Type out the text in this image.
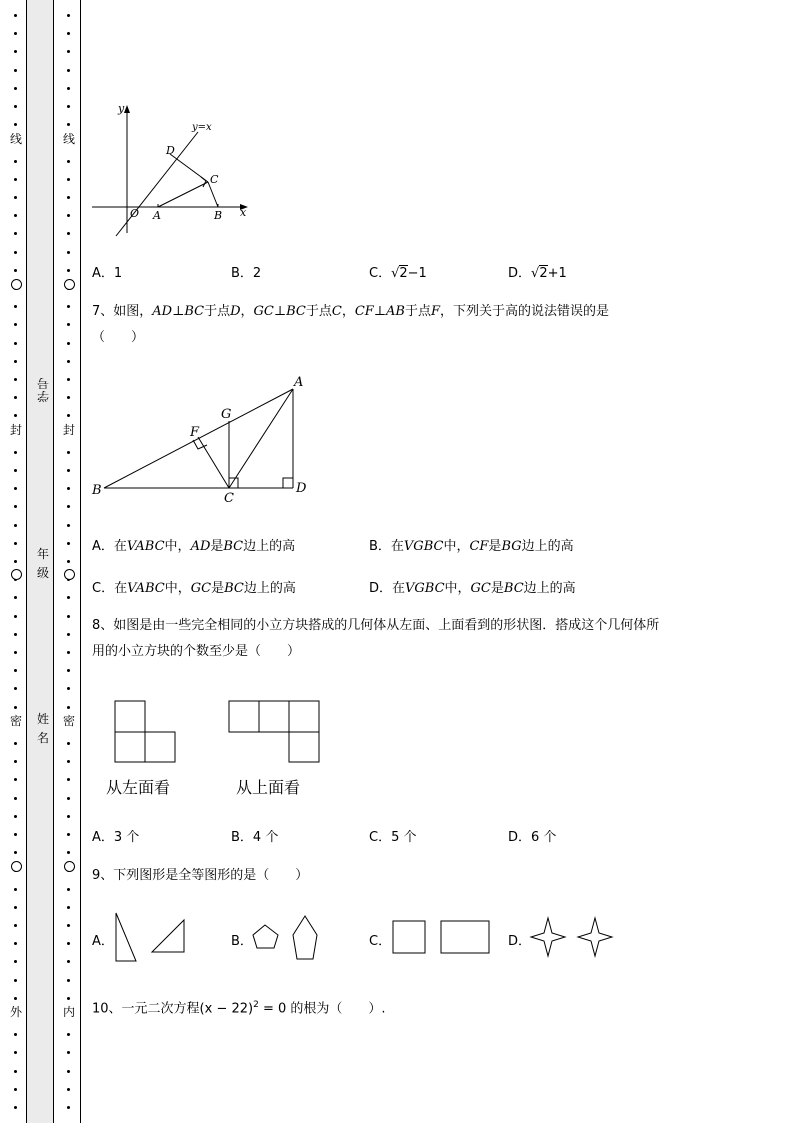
线
封
密
外
线
封
密
内
学号
年级
姓名
y
x
y=x
O A	B
C
D
A．1	B．2	C．√2−1	D．√2+1
7、如图，AD⊥BC于点D，GC⊥BC于点C，CF⊥AB于点F，下列关于高的说法错误的是
（　　）
A
B
C
D
F
G
A．在VABC中，AD是BC边上的高	B．在VGBC中，CF是BG边上的高
C．在VABC中，GC是BC边上的高	D．在VGBC中，GC是BC边上的高
8、如图是由一些完全相同的小立方块搭成的几何体从左面、上面看到的形状图．搭成这个几何体所
用的小立方块的个数至少是（　　）
从左面看	从上面看
A．3 个	B．4 个	C．5 个	D．6 个
9、下列图形是全等图形的是（　　）
A．	B．	C．	D．
10、一元二次方程$(x - 22)^2 = 0$ 的根为（　　）.
